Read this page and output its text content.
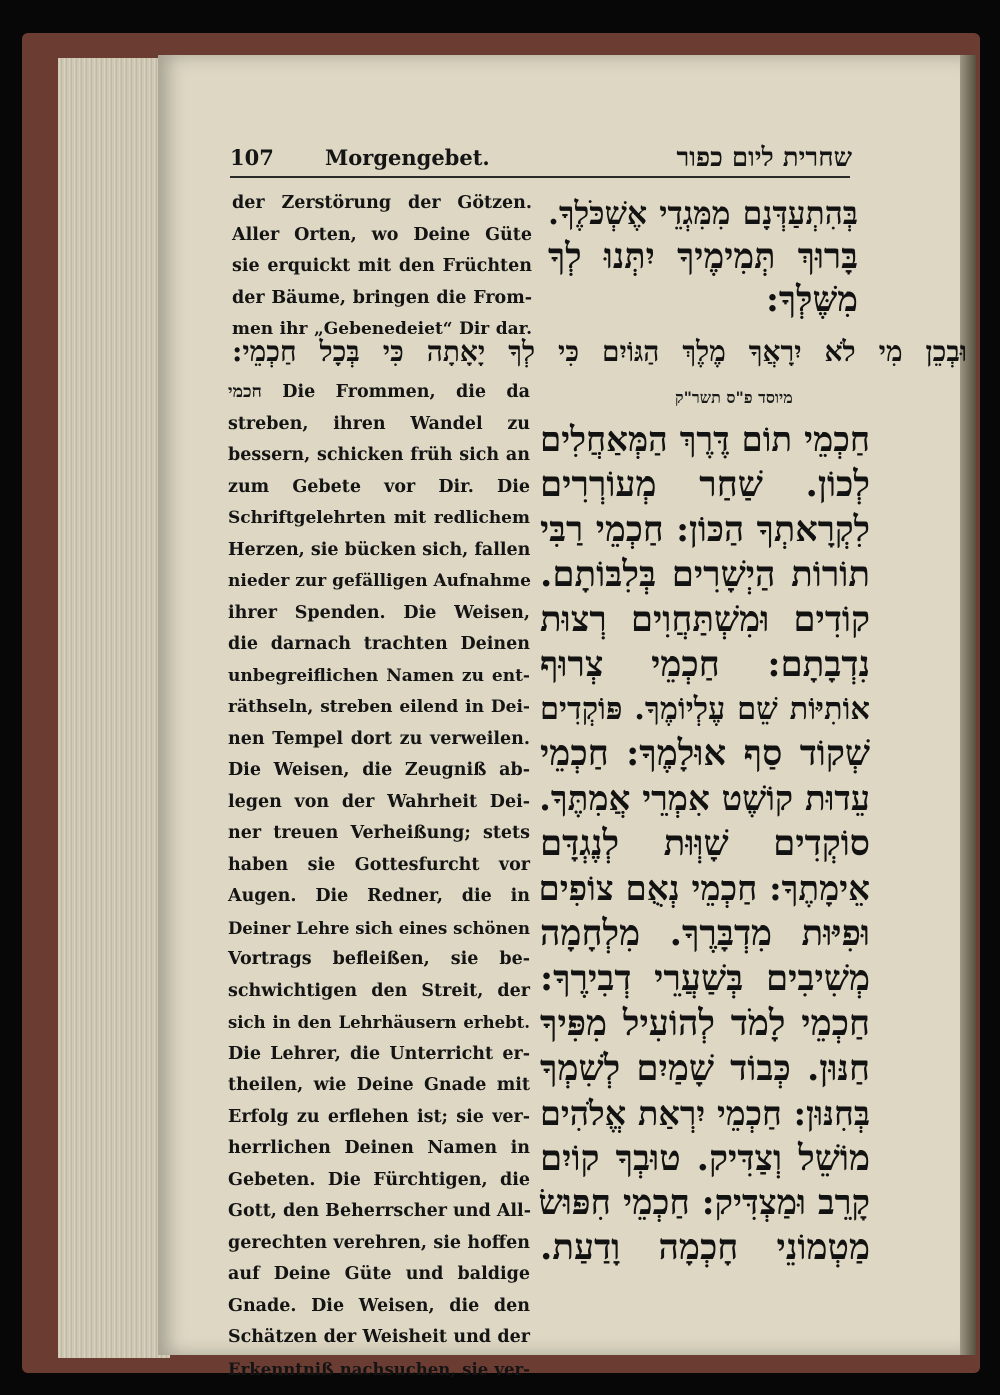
107 Morgengebet.	שחרית ליום כפור
der Zerstörung der Götzen.
Aller Orten, wo Deine Güte
sie erquickt mit den Früchten
der Bäume, bringen die From-
men ihr „Gebenedeiet“ Dir dar.
בְּהִתְעַדְּנָם מִמִּגְדֵי אֶשְׁכֹּלֶךָ.
בָּרוּךְ תְּמִימֶיךָ יִתְּנוּ לְךָ
מִשֶּׁלְּךָ:
וּבְכֵן מִי לֹא יִרָאֲךָ מֶלֶךְ הַגּוֹיִם כִּי לְךָ יָאָתָה כִּי בְּכָל חַכְמֵי:
חכמי Die Frommen, die da
streben, ihren Wandel zu
bessern, schicken früh sich an
zum Gebete vor Dir. Die
Schriftgelehrten mit redlichem
Herzen, sie bücken sich, fallen
nieder zur gefälligen Aufnahme
ihrer Spenden. Die Weisen,
die darnach trachten Deinen
unbegreiflichen Namen zu ent-
räthseln, streben eilend in Dei-
nen Tempel dort zu verweilen.
Die Weisen, die Zeugniß ab-
legen von der Wahrheit Dei-
ner treuen Verheißung; stets
haben sie Gottesfurcht vor
Augen. Die Redner, die in
Deiner Lehre sich eines schönen
Vortrags befleißen, sie be-
schwichtigen den Streit, der
sich in den Lehrhäusern erhebt.
Die Lehrer, die Unterricht er-
theilen, wie Deine Gnade mit
Erfolg zu erflehen ist; sie ver-
herrlichen Deinen Namen in
Gebeten. Die Fürchtigen, die
Gott, den Beherrscher und All-
gerechten verehren, sie hoffen
auf Deine Güte und baldige
Gnade. Die Weisen, die den
Schätzen der Weisheit und der
Erkenntniß nachsuchen, sie ver-
מיוסד פ"ס תשר"ק
חַכְמֵי תוֹם דֶּרֶךְ הַמְּאַחֲלִים
לְכוֹן. שַׁחַר מְעוֹרְרִים
לִקְרָאתְךָ הַכּוֹן: חַכְמֵי רַבִּי
תוֹרוֹת הַיְשָׁרִים בְּלִבּוֹתָם.
קוֹדִים וּמִשְׁתַּחֲוִים רְצוּת
נִדְבָתָם: חַכְמֵי צְרוּף
אוֹתִיּוֹת שֵׁם עֶלְיוֹמֶךָ. פּוֹקְדִים
שְׁקוֹד סַף אוּלָמֶךָ: חַכְמֵי
עֵדוּת קוֹשֶׁט אִמְרֵי אֲמִתֶּךָ.
סוֹקְדִים שָׁוְּוּת לְנֶגְדָּם
אֵימָתֶךָ: חַכְמֵי נְאֻם צוֹפִים
וּפִיּוּת מִדְבָּרֶךָ. מִלְחָמָה
מְשִׁיבִים בְּשַׁעֲרֵי דְבִירֶךָ:
חַכְמֵי לָמֹד לְהוֹעִיל מִפִּיךָ
חַנּוּן. כְּבוֹד שָׁמַיִם לְשִׁמְךָ
בְּחִנּוּן: חַכְמֵי יִרְאַת אֱלֹהִים
מוֹשֵׁל וְצַדִּיק. טוּבְךָ קוֹיִם
קָרֵב וּמַצְדִּיק: חַכְמֵי חִפּוּשׂ
מַטְמוֹנֵי חָכְמָה וָדַעַת.
